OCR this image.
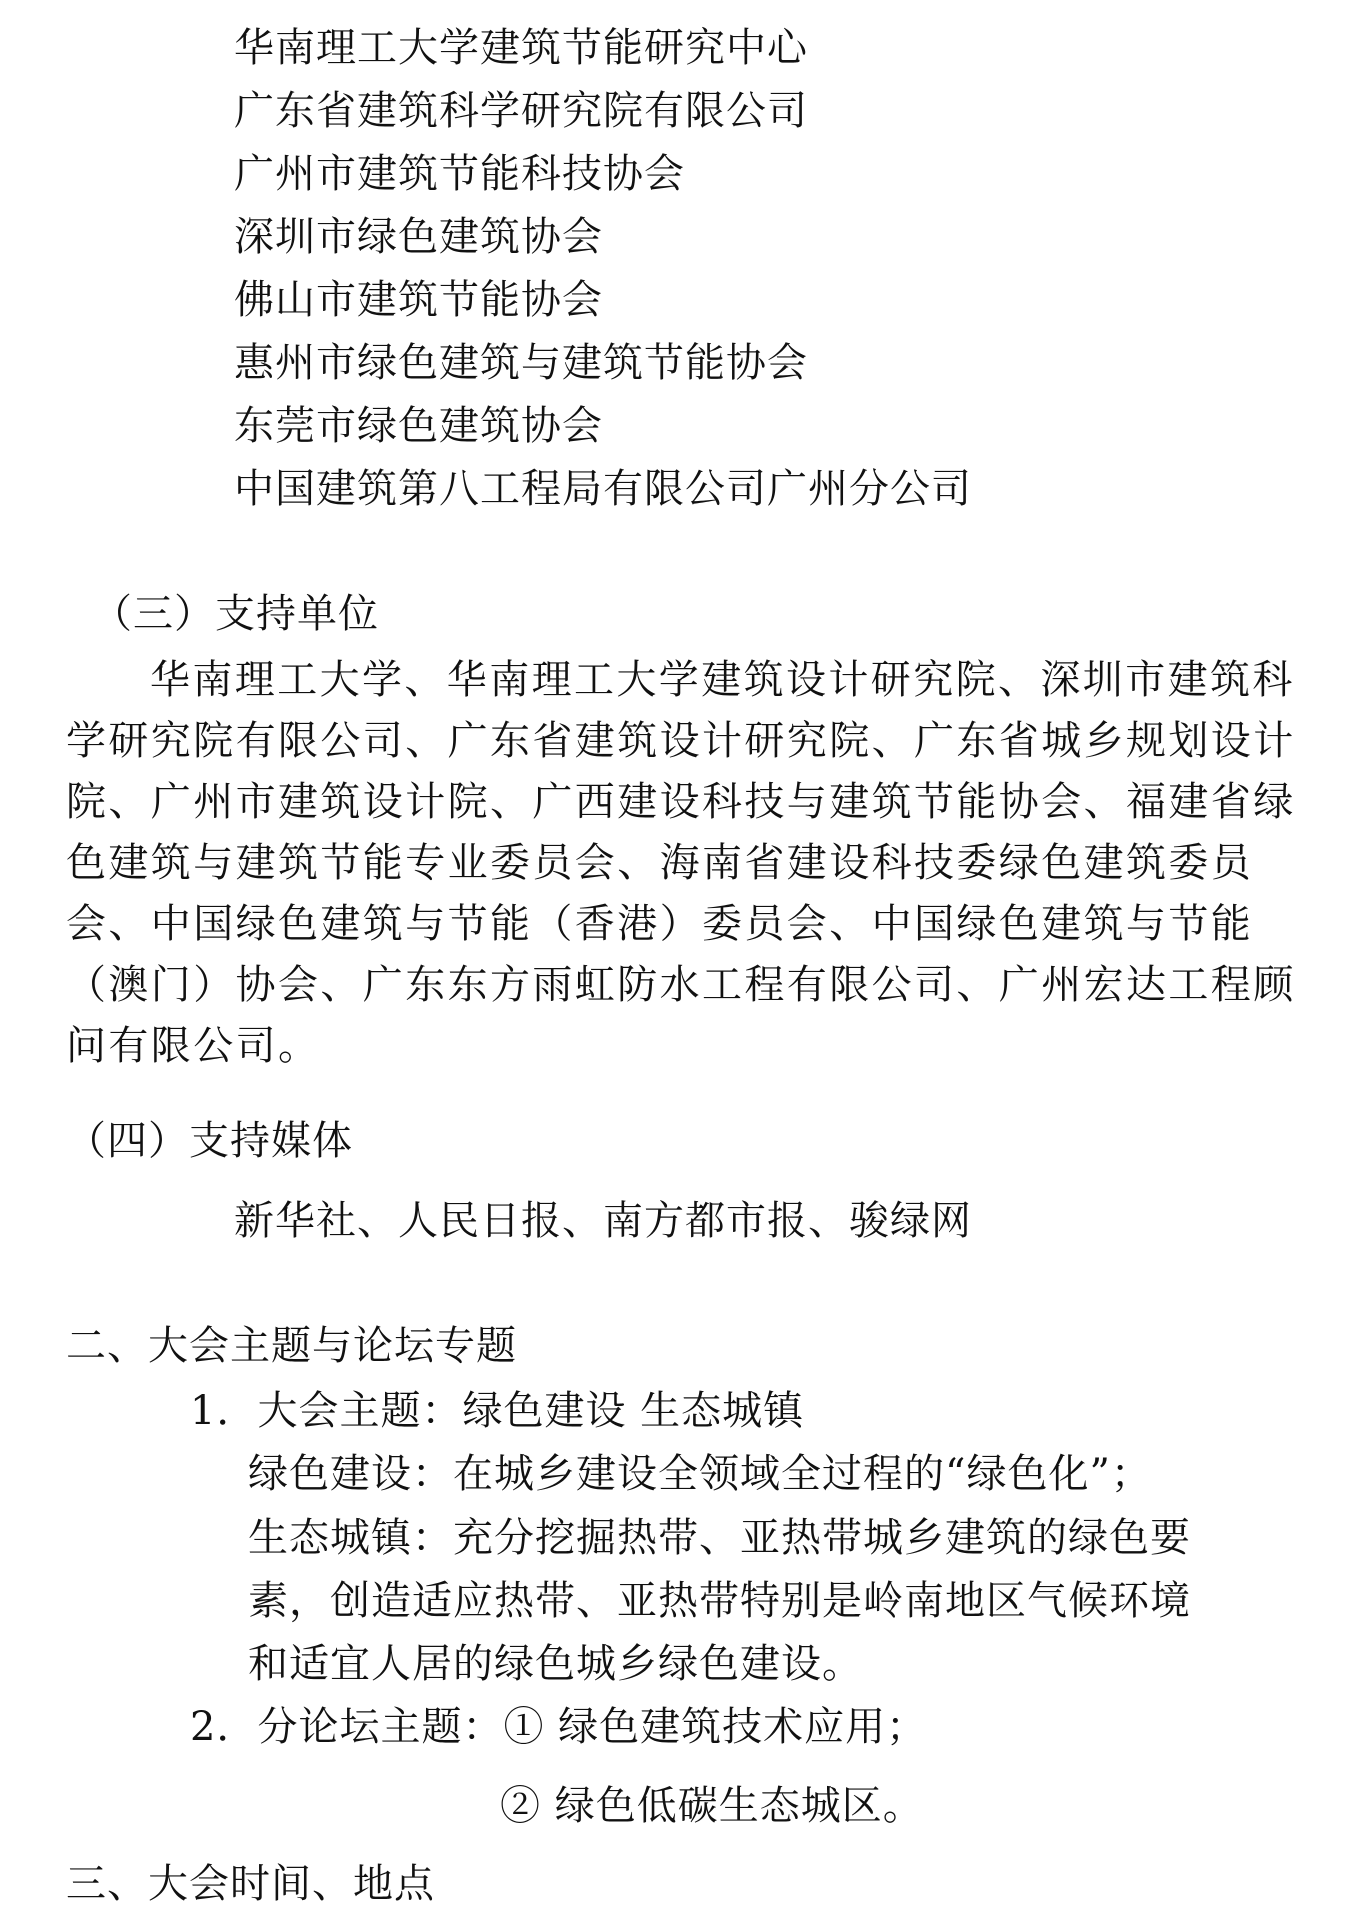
华南理工大学建筑节能研究中心
广东省建筑科学研究院有限公司
广州市建筑节能科技协会
深圳市绿色建筑协会
佛山市建筑节能协会
惠州市绿色建筑与建筑节能协会
东莞市绿色建筑协会
中国建筑第八工程局有限公司广州分公司
（三）支持单位

华南理工大学、华南理工大学建筑设计研究院、深圳市建筑科学研究院有限公司、广东省建筑设计研究院、广东省城乡规划设计院、广州市建筑设计院、广西建设科技与建筑节能协会、福建省绿色建筑与建筑节能专业委员会、海南省建设科技委绿色建筑委员会、中国绿色建筑与节能（香港）委员会、中国绿色建筑与节能（澳门）协会、广东东方雨虹防水工程有限公司、广州宏达工程顾问有限公司。

（四）支持媒体
新华社、人民日报、南方都市报、骏绿网
二、大会主题与论坛专题
1．大会主题：绿色建设 生态城镇
绿色建设：在城乡建设全领域全过程的“绿色化”；
生态城镇：充分挖掘热带、亚热带城乡建筑的绿色要
素，创造适应热带、亚热带特别是岭南地区气候环境
和适宜人居的绿色城乡绿色建设。
2．分论坛主题：① 绿色建筑技术应用；
② 绿色低碳生态城区。
三、大会时间、地点
